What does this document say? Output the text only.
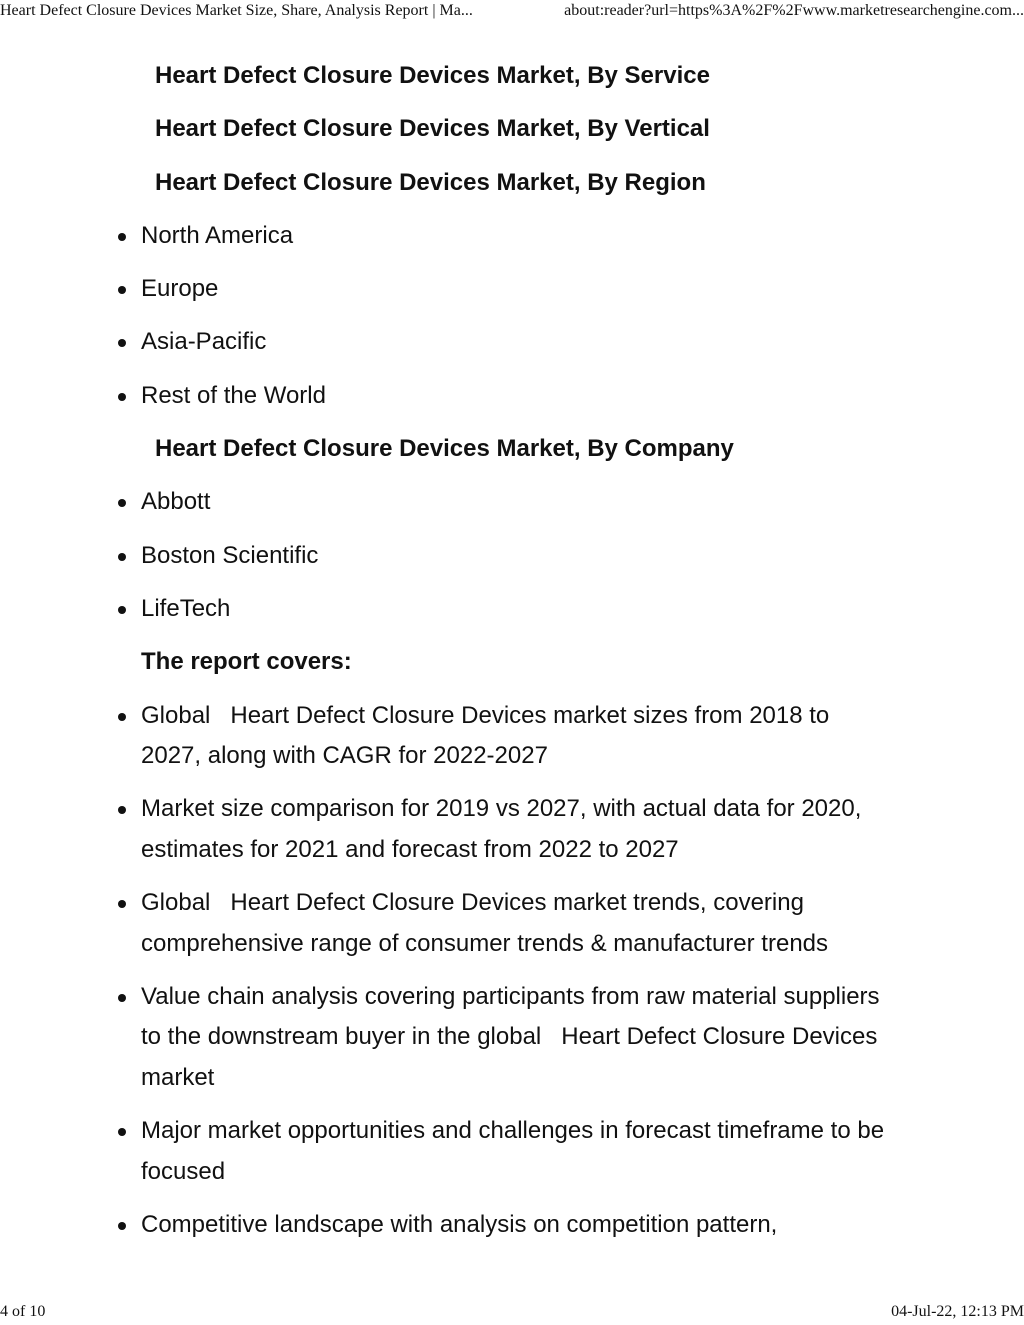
Heart Defect Closure Devices Market Size, Share, Analysis Report | Ma...	about:reader?url=https%3A%2F%2Fwww.marketresearchengine.com...
Heart Defect Closure Devices Market, By Service
Heart Defect Closure Devices Market, By Vertical
Heart Defect Closure Devices Market, By Region
North America
Europe
Asia-Pacific
Rest of the World
Heart Defect Closure Devices Market, By Company
Abbott
Boston Scientific
LifeTech
The report covers:
Global   Heart Defect Closure Devices market sizes from 2018 to 2027, along with CAGR for 2022-2027
Market size comparison for 2019 vs 2027, with actual data for 2020, estimates for 2021 and forecast from 2022 to 2027
Global   Heart Defect Closure Devices market trends, covering comprehensive range of consumer trends & manufacturer trends
Value chain analysis covering participants from raw material suppliers to the downstream buyer in the global   Heart Defect Closure Devices market
Major market opportunities and challenges in forecast timeframe to be focused
Competitive landscape with analysis on competition pattern,
4 of 10	04-Jul-22, 12:13 PM
